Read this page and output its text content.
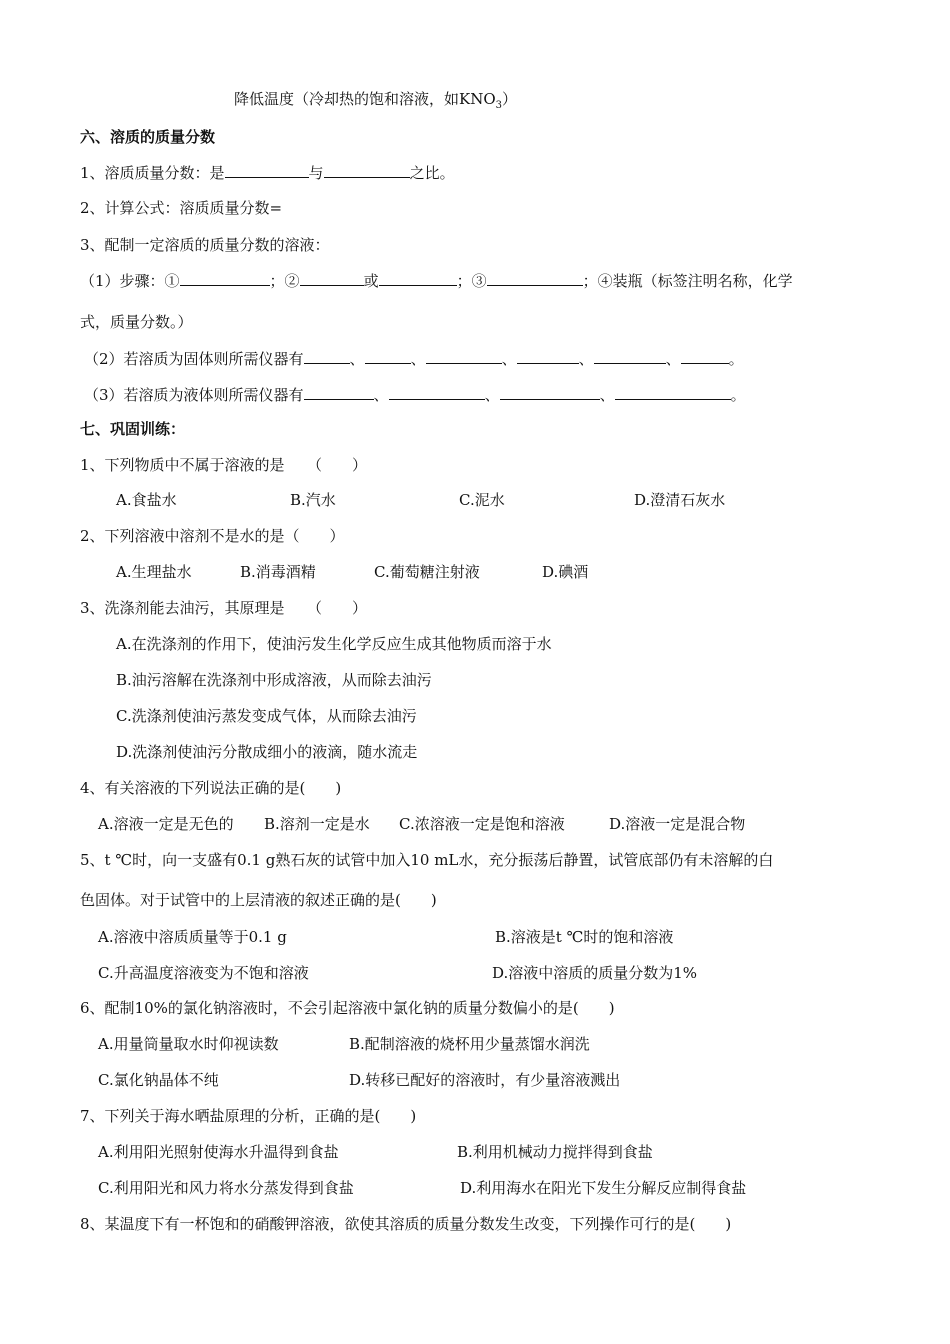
降低温度（冷却热的饱和溶液，如$KNO_3$）
六、溶质的质量分数
1、溶质质量分数：是	与	之比。
2、计算公式：溶质质量分数=
3、配制一定溶质的质量分数的溶液：
（1）步骤：①	；②	或	；③	；④装瓶（标签注明名称，化学
式，质量分数。）
（2）若溶质为固体则所需仪器有	、	、	、	、	、	。
（3）若溶质为液体则所需仪器有	、	、	、	。
七、巩固训练：
1、下列物质中不属于溶液的是　　（　　）
A.食盐水	B.汽水	C.泥水	D.澄清石灰水
2、下列溶液中溶剂不是水的是（　　）
A.生理盐水	B.消毒酒精	C.葡萄糖注射液	D.碘酒
3、洗涤剂能去油污，其原理是　　（　　）
A.在洗涤剂的作用下，使油污发生化学反应生成其他物质而溶于水
B.油污溶解在洗涤剂中形成溶液，从而除去油污
C.洗涤剂使油污蒸发变成气体，从而除去油污
D.洗涤剂使油污分散成细小的液滴，随水流走
4、有关溶液的下列说法正确的是(　　)
A.溶液一定是无色的 B.溶剂一定是水 C.浓溶液一定是饱和溶液	D.溶液一定是混合物
5、t ℃时，向一支盛有0.1 g熟石灰的试管中加入10 mL水，充分振荡后静置，试管底部仍有未溶解的白
色固体。对于试管中的上层清液的叙述正确的是(　　)
A.溶液中溶质质量等于0.1 g	B.溶液是t ℃时的饱和溶液
C.升高温度溶液变为不饱和溶液	D.溶液中溶质的质量分数为1%
6、配制10%的氯化钠溶液时，不会引起溶液中氯化钠的质量分数偏小的是(　　)
A.用量筒量取水时仰视读数	B.配制溶液的烧杯用少量蒸馏水润洗
C.氯化钠晶体不纯	D.转移已配好的溶液时，有少量溶液溅出
7、下列关于海水晒盐原理的分析，正确的是(　　)
A.利用阳光照射使海水升温得到食盐	B.利用机械动力搅拌得到食盐
C.利用阳光和风力将水分蒸发得到食盐	D.利用海水在阳光下发生分解反应制得食盐
8、某温度下有一杯饱和的硝酸钾溶液，欲使其溶质的质量分数发生改变，下列操作可行的是(　　)
